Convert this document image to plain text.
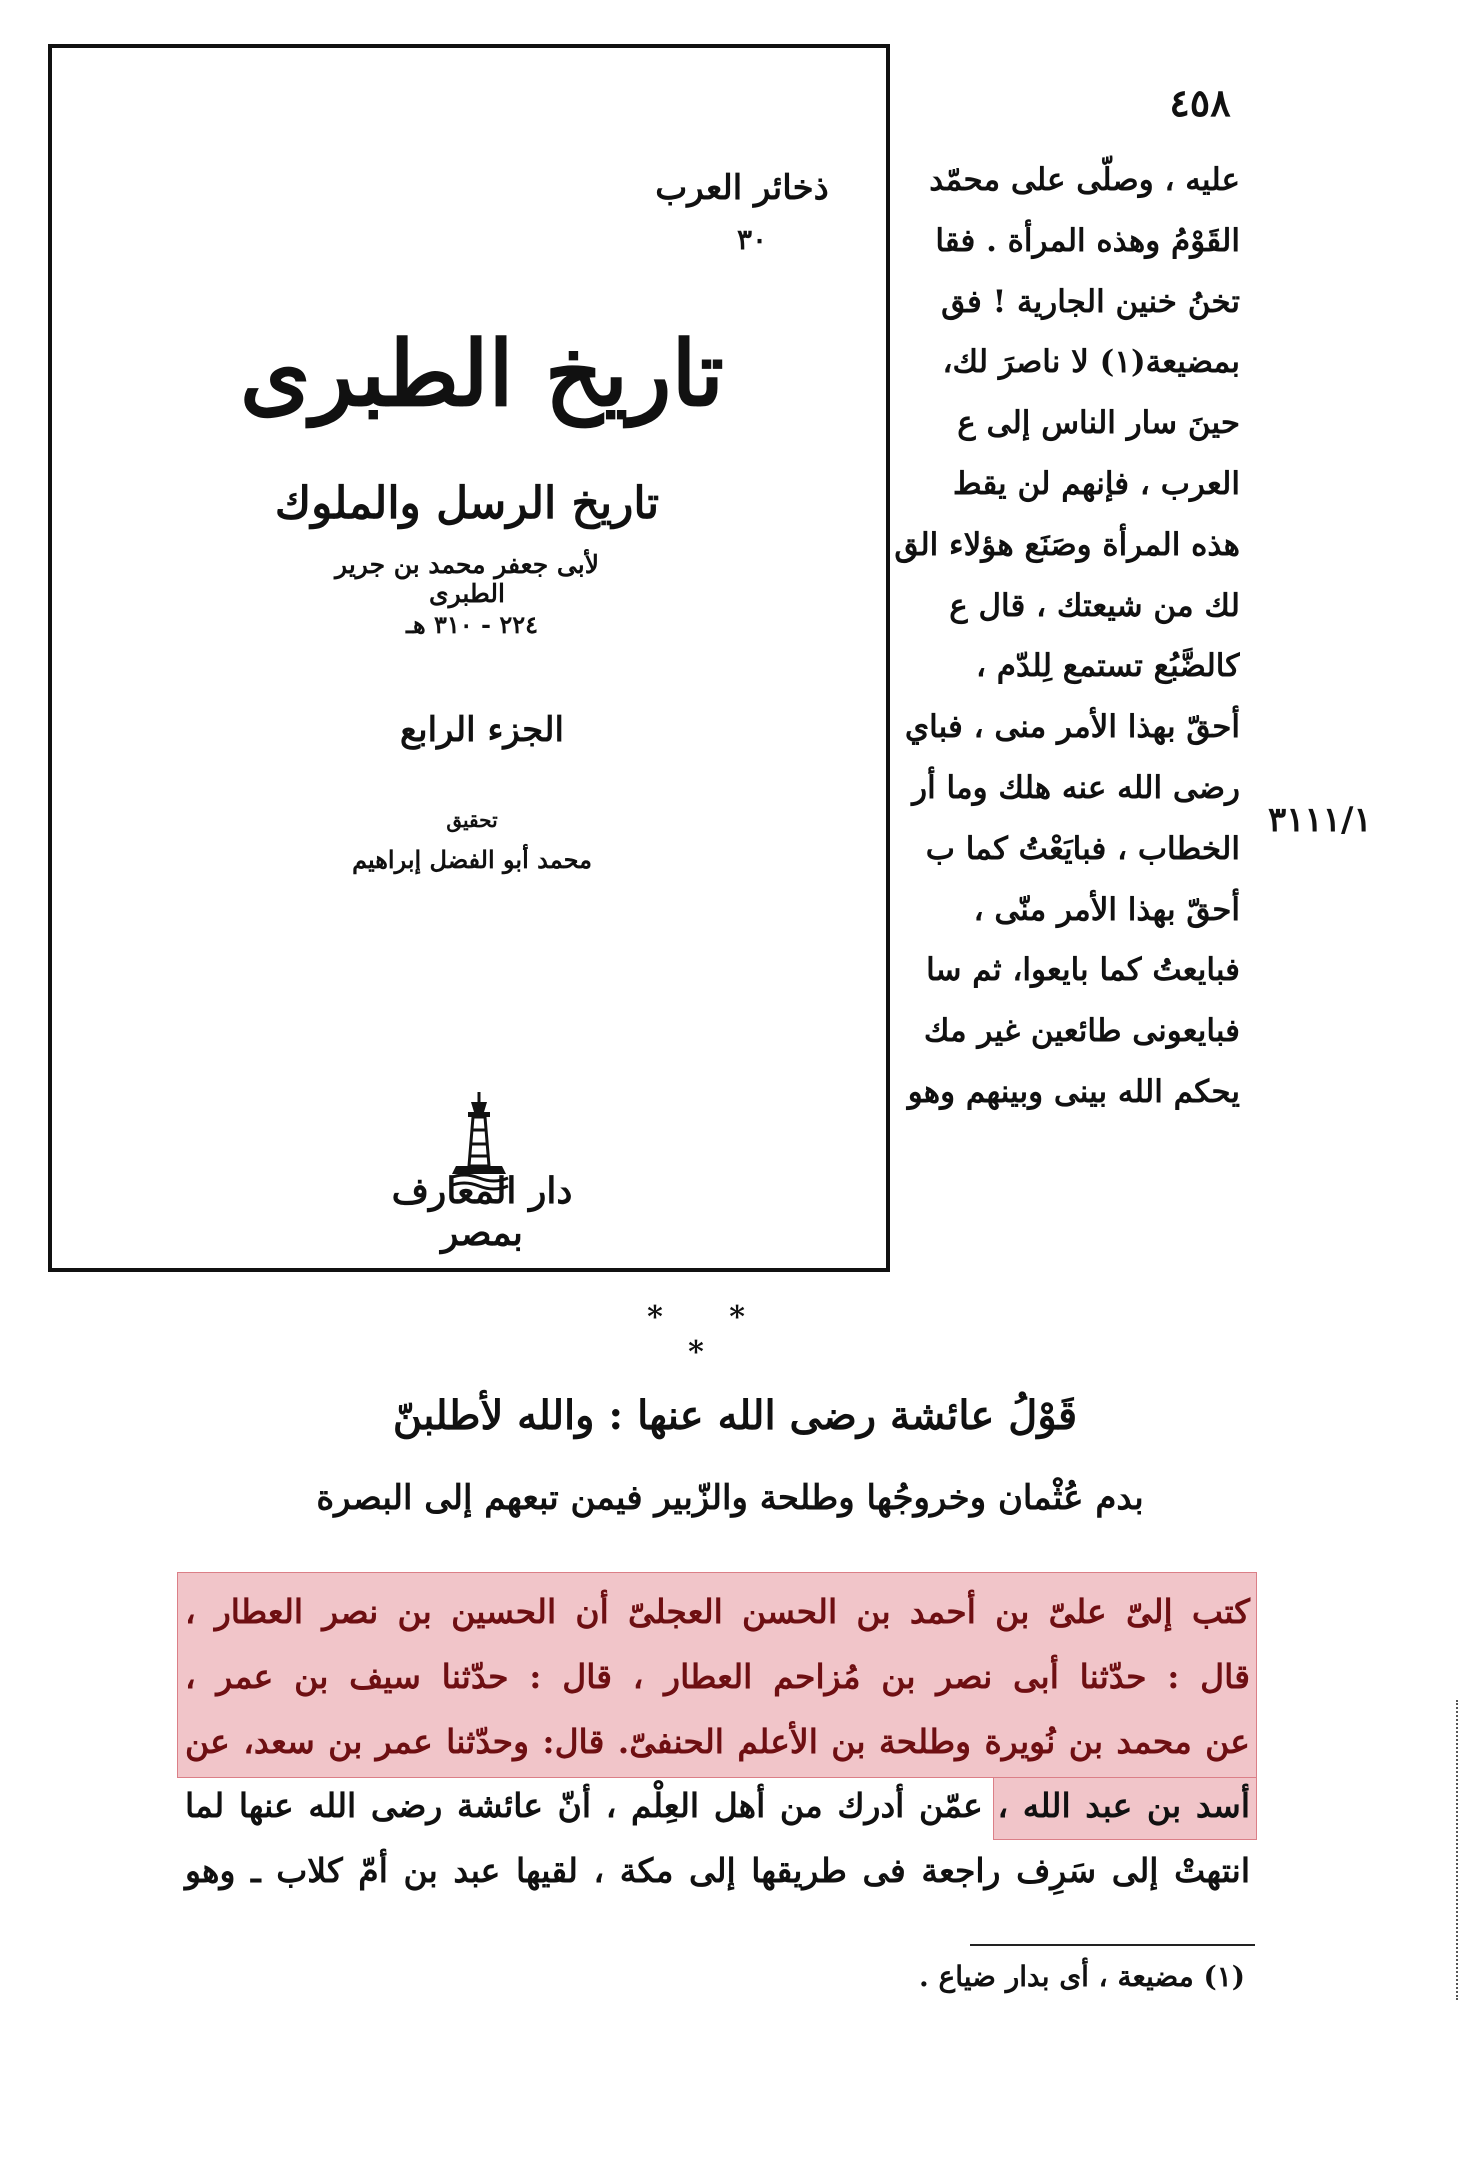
٤٥٨
عليه ، وصلّى على محمّد
القَوْمُ وهذه المرأة . فقا
تخنُ خنين الجارية ! فق
بمضيعة(١) لا ناصرَ لك،
حينَ سار الناس إلى ع
العرب ، فإنهم لن يقط
هذه المرأة وصَنَع هؤلاء الق
لك من شيعتك ، قال ع
كالضَّبُع تستمع لِلدّم ،
أحقّ بهذا الأمر منى ، فباي
رضى الله عنه هلك وما أر
الخطاب ، فبايَعْتُ كما ب
أحقّ بهذا الأمر منّى ،
فبايعتُ كما بايعوا، ثم سا
فبايعونى طائعين غير مك
يحكم الله بينى وبينهم وهو
٣١١١/١
ذخائر العرب
٣٠
تاريخ الطبرى
تاريخ الرسل والملوك
لأبى جعفر محمد بن جرير الطبرى
٢٢٤ - ٣١٠ هـ
الجزء الرابع
تحقيق
محمد أبو الفضل إبراهيم
دار المعارف بمصر
* * *
قَوْلُ عائشة رضى الله عنها : والله لأطلبنّ
بدم عُثْمان وخروجُها وطلحة والزّبير فيمن تبعهم إلى البصرة
كتب إلىّ علىّ بن أحمد بن الحسن العجلىّ أن الحسين بن نصر العطار ،
قال : حدّثنا أبى نصر بن مُزاحم العطار ، قال : حدّثنا سيف بن عمر ،
عن محمد بن نُويرة وطلحة بن الأعلم الحنفىّ. قال: وحدّثنا عمر بن سعد، عن
أسد بن عبد الله ، عمّن أدرك من أهل العِلْم ، أنّ عائشة رضى الله عنها لما
انتهتْ إلى سَرِف راجعة فى طريقها إلى مكة ، لقيها عبد بن أمّ كلاب ـ وهو
(١) مضيعة ، أى بدار ضياع .
